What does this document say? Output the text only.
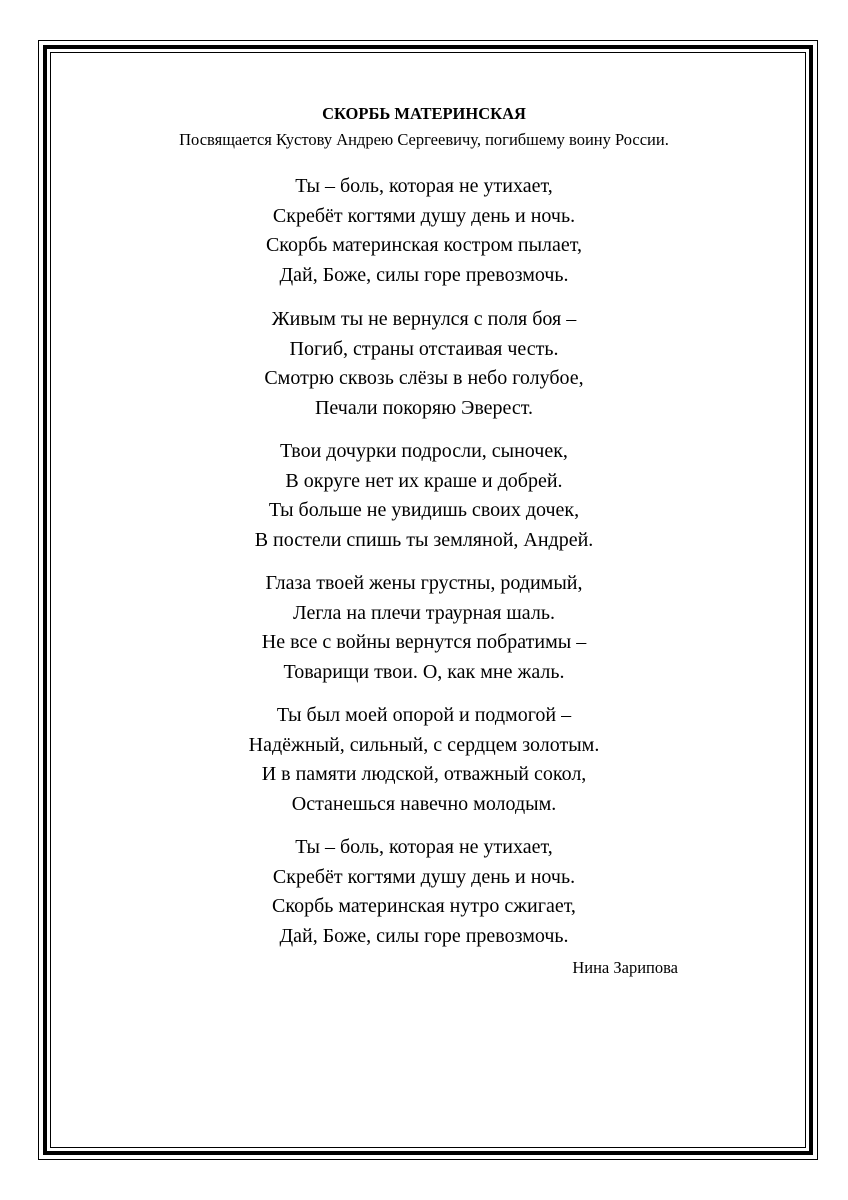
СКОРБЬ МАТЕРИНСКАЯ
Посвящается Кустову Андрею Сергеевичу, погибшему воину России.
Ты – боль, которая не утихает,
Скребёт когтями душу день и ночь.
Скорбь материнская костром пылает,
Дай, Боже, силы горе превозмочь.
Живым ты не вернулся с поля боя –
Погиб, страны отстаивая честь.
Смотрю сквозь слёзы в небо голубое,
Печали покоряю Эверест.
Твои дочурки подросли, сыночек,
В округе нет их краше и добрей.
Ты больше не увидишь своих дочек,
В постели спишь ты земляной, Андрей.
Глаза твоей жены грустны, родимый,
Легла на плечи траурная шаль.
Не все с войны вернутся побратимы –
Товарищи твои. О, как мне жаль.
Ты был моей опорой и подмогой –
Надёжный, сильный, с сердцем золотым.
И в памяти людской, отважный сокол,
Останешься навечно молодым.
Ты – боль, которая не утихает,
Скребёт когтями душу день и ночь.
Скорбь материнская нутро сжигает,
Дай, Боже, силы горе превозмочь.
Нина Зарипова
